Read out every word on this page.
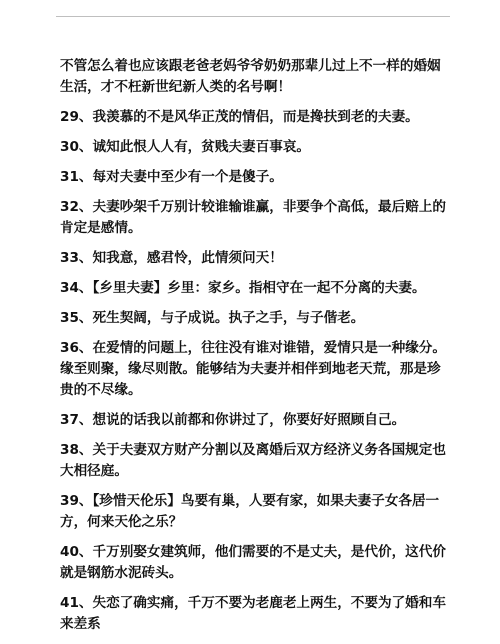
不管怎么着也应该跟老爸老妈爷爷奶奶那辈儿过上不一样的婚姻生活，才不枉新世纪新人类的名号啊！

29、我羡慕的不是风华正茂的情侣，而是搀扶到老的夫妻。

30、诚知此恨人人有，贫贱夫妻百事哀。

31、每对夫妻中至少有一个是傻子。

32、夫妻吵架千万别计较谁输谁赢，非要争个高低，最后赔上的肯定是感情。

33、知我意，感君怜，此情须问天！

34、【乡里夫妻】乡里：家乡。指相守在一起不分离的夫妻。

35、死生契阔，与子成说。执子之手，与子偕老。

36、在爱情的问题上，往往没有谁对谁错，爱情只是一种缘分。缘至则聚，缘尽则散。能够结为夫妻并相伴到地老天荒，那是珍贵的不尽缘。

37、想说的话我以前都和你讲过了，你要好好照顾自己。

38、关于夫妻双方财产分割以及离婚后双方经济义务各国规定也大相径庭。

39、【珍惜天伦乐】鸟要有巢，人要有家，如果夫妻子女各居一方，何来天伦之乐？

40、千万别娶女建筑师，他们需要的不是丈夫，是代价，这代价就是钢筋水泥砖头。

41、失恋了确实痛，千万不要为老鹿老上两生，不要为了婚和车来差系
